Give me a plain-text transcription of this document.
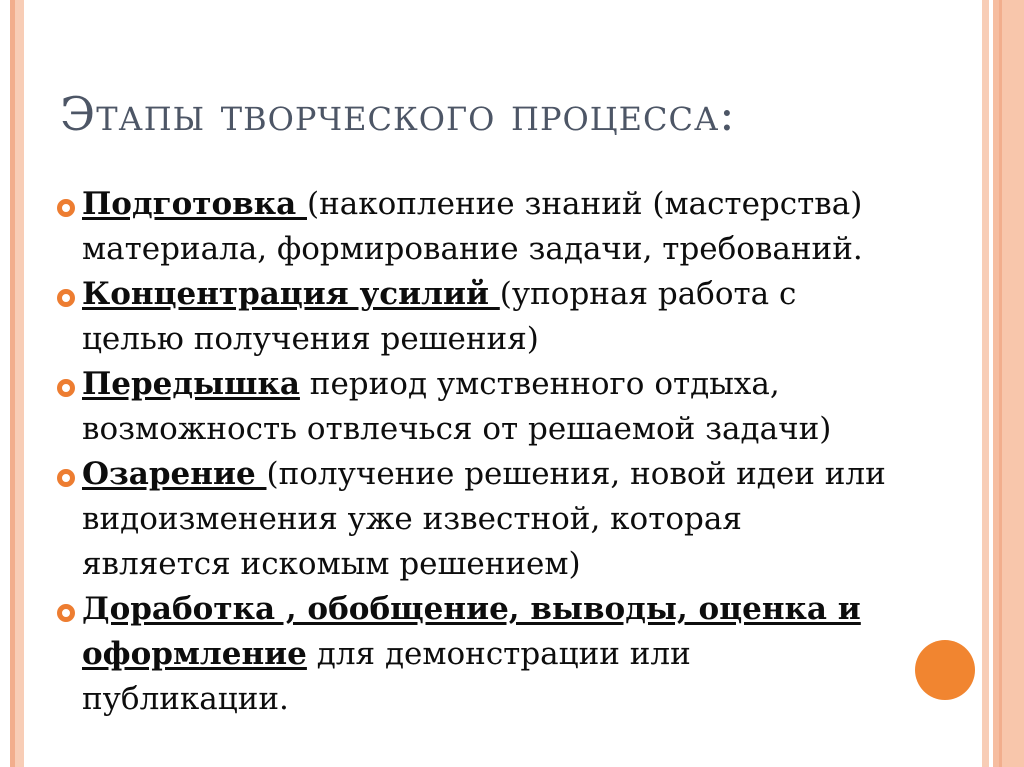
Этапы творческого процесса:
Подготовка (накопление знаний (мастерства) материала, формирование задачи, требований.
Концентрация усилий (упорная работа с целью получения решения)
Передышка период умственного отдыха, возможность отвлечься от решаемой задачи)
Озарение (получение решения, новой идеи или видоизменения уже известной, которая является искомым решением)
Доработка , обобщение, выводы, оценка и оформление для демонстрации или публикации.
